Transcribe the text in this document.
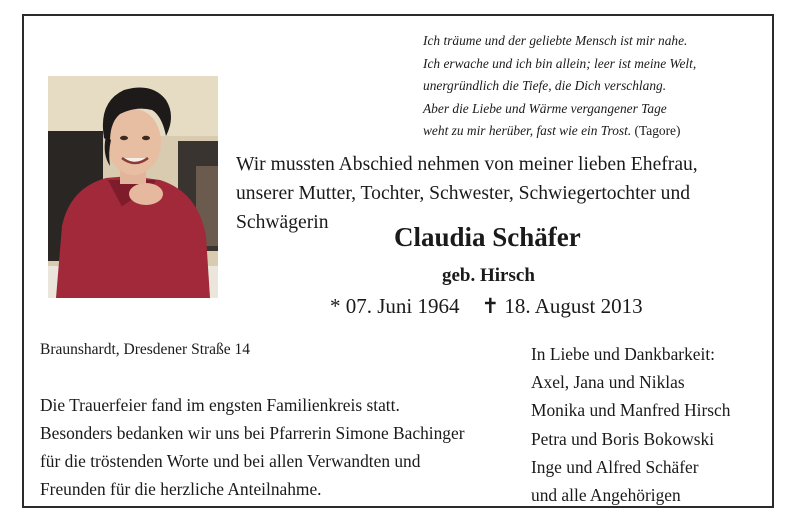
Ich träume und der geliebte Mensch ist mir nahe.
Ich erwache und ich bin allein; leer ist meine Welt,
unergründlich die Tiefe, die Dich verschlang.
Aber die Liebe und Wärme vergangener Tage
weht zu mir herüber, fast wie ein Trost. (Tagore)
Wir mussten Abschied nehmen von meiner lieben Ehefrau,
unserer Mutter, Tochter, Schwester, Schwiegertochter und
Schwägerin	Claudia Schäfer
geb. Hirsch
* 07. Juni 1964 ✝ 18. August 2013
Braunshardt, Dresdener Straße 14
Die Trauerfeier fand im engsten Familienkreis statt.
Besonders bedanken wir uns bei Pfarrerin Simone Bachinger
für die tröstenden Worte und bei allen Verwandten und
Freunden für die herzliche Anteilnahme.
In Liebe und Dankbarkeit:
Axel, Jana und Niklas
Monika und Manfred Hirsch
Petra und Boris Bokowski
Inge und Alfred Schäfer
und alle Angehörigen
